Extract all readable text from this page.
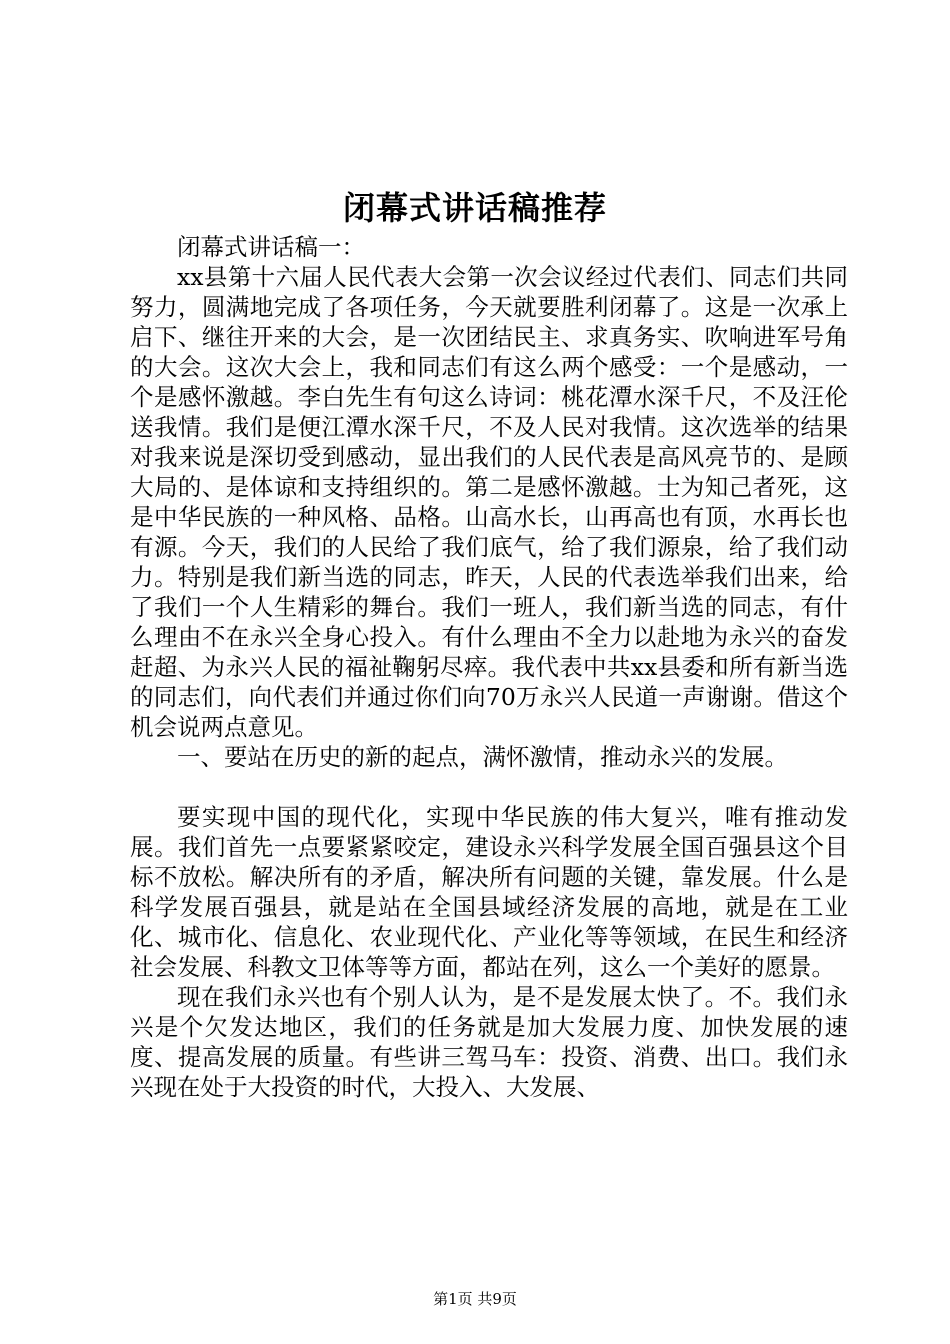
闭幕式讲话稿推荐

闭幕式讲话稿一：

xx县第十六届人民代表大会第一次会议经过代表们、同志们共同努力，圆满地完成了各项任务，今天就要胜利闭幕了。这是一次承上启下、继往开来的大会，是一次团结民主、求真务实、吹响进军号角的大会。这次大会上，我和同志们有这么两个感受：一个是感动，一个是感怀激越。李白先生有句这么诗词：桃花潭水深千尺，不及汪伦送我情。我们是便江潭水深千尺，不及人民对我情。这次选举的结果对我来说是深切受到感动，显出我们的人民代表是高风亮节的、是顾大局的、是体谅和支持组织的。第二是感怀激越。士为知己者死，这是中华民族的一种风格、品格。山高水长，山再高也有顶，水再长也有源。今天，我们的人民给了我们底气，给了我们源泉，给了我们动力。特别是我们新当选的同志，昨天，人民的代表选举我们出来，给了我们一个人生精彩的舞台。我们一班人，我们新当选的同志，有什么理由不在永兴全身心投入。有什么理由不全力以赴地为永兴的奋发赶超、为永兴人民的福祉鞠躬尽瘁。我代表中共xx县委和所有新当选的同志们，向代表们并通过你们向70万永兴人民道一声谢谢。借这个机会说两点意见。

一、要站在历史的新的起点，满怀激情，推动永兴的发展。

要实现中国的现代化，实现中华民族的伟大复兴，唯有推动发展。我们首先一点要紧紧咬定，建设永兴科学发展全国百强县这个目标不放松。解决所有的矛盾，解决所有问题的关键，靠发展。什么是科学发展百强县，就是站在全国县域经济发展的高地，就是在工业化、城市化、信息化、农业现代化、产业化等等领域，在民生和经济社会发展、科教文卫体等等方面，都站在列，这么一个美好的愿景。

现在我们永兴也有个别人认为，是不是发展太快了。不。我们永兴是个欠发达地区，我们的任务就是加大发展力度、加快发展的速度、提高发展的质量。有些讲三驾马车：投资、消费、出口。我们永兴现在处于大投资的时代，大投入、大发展、

第1页 共9页
